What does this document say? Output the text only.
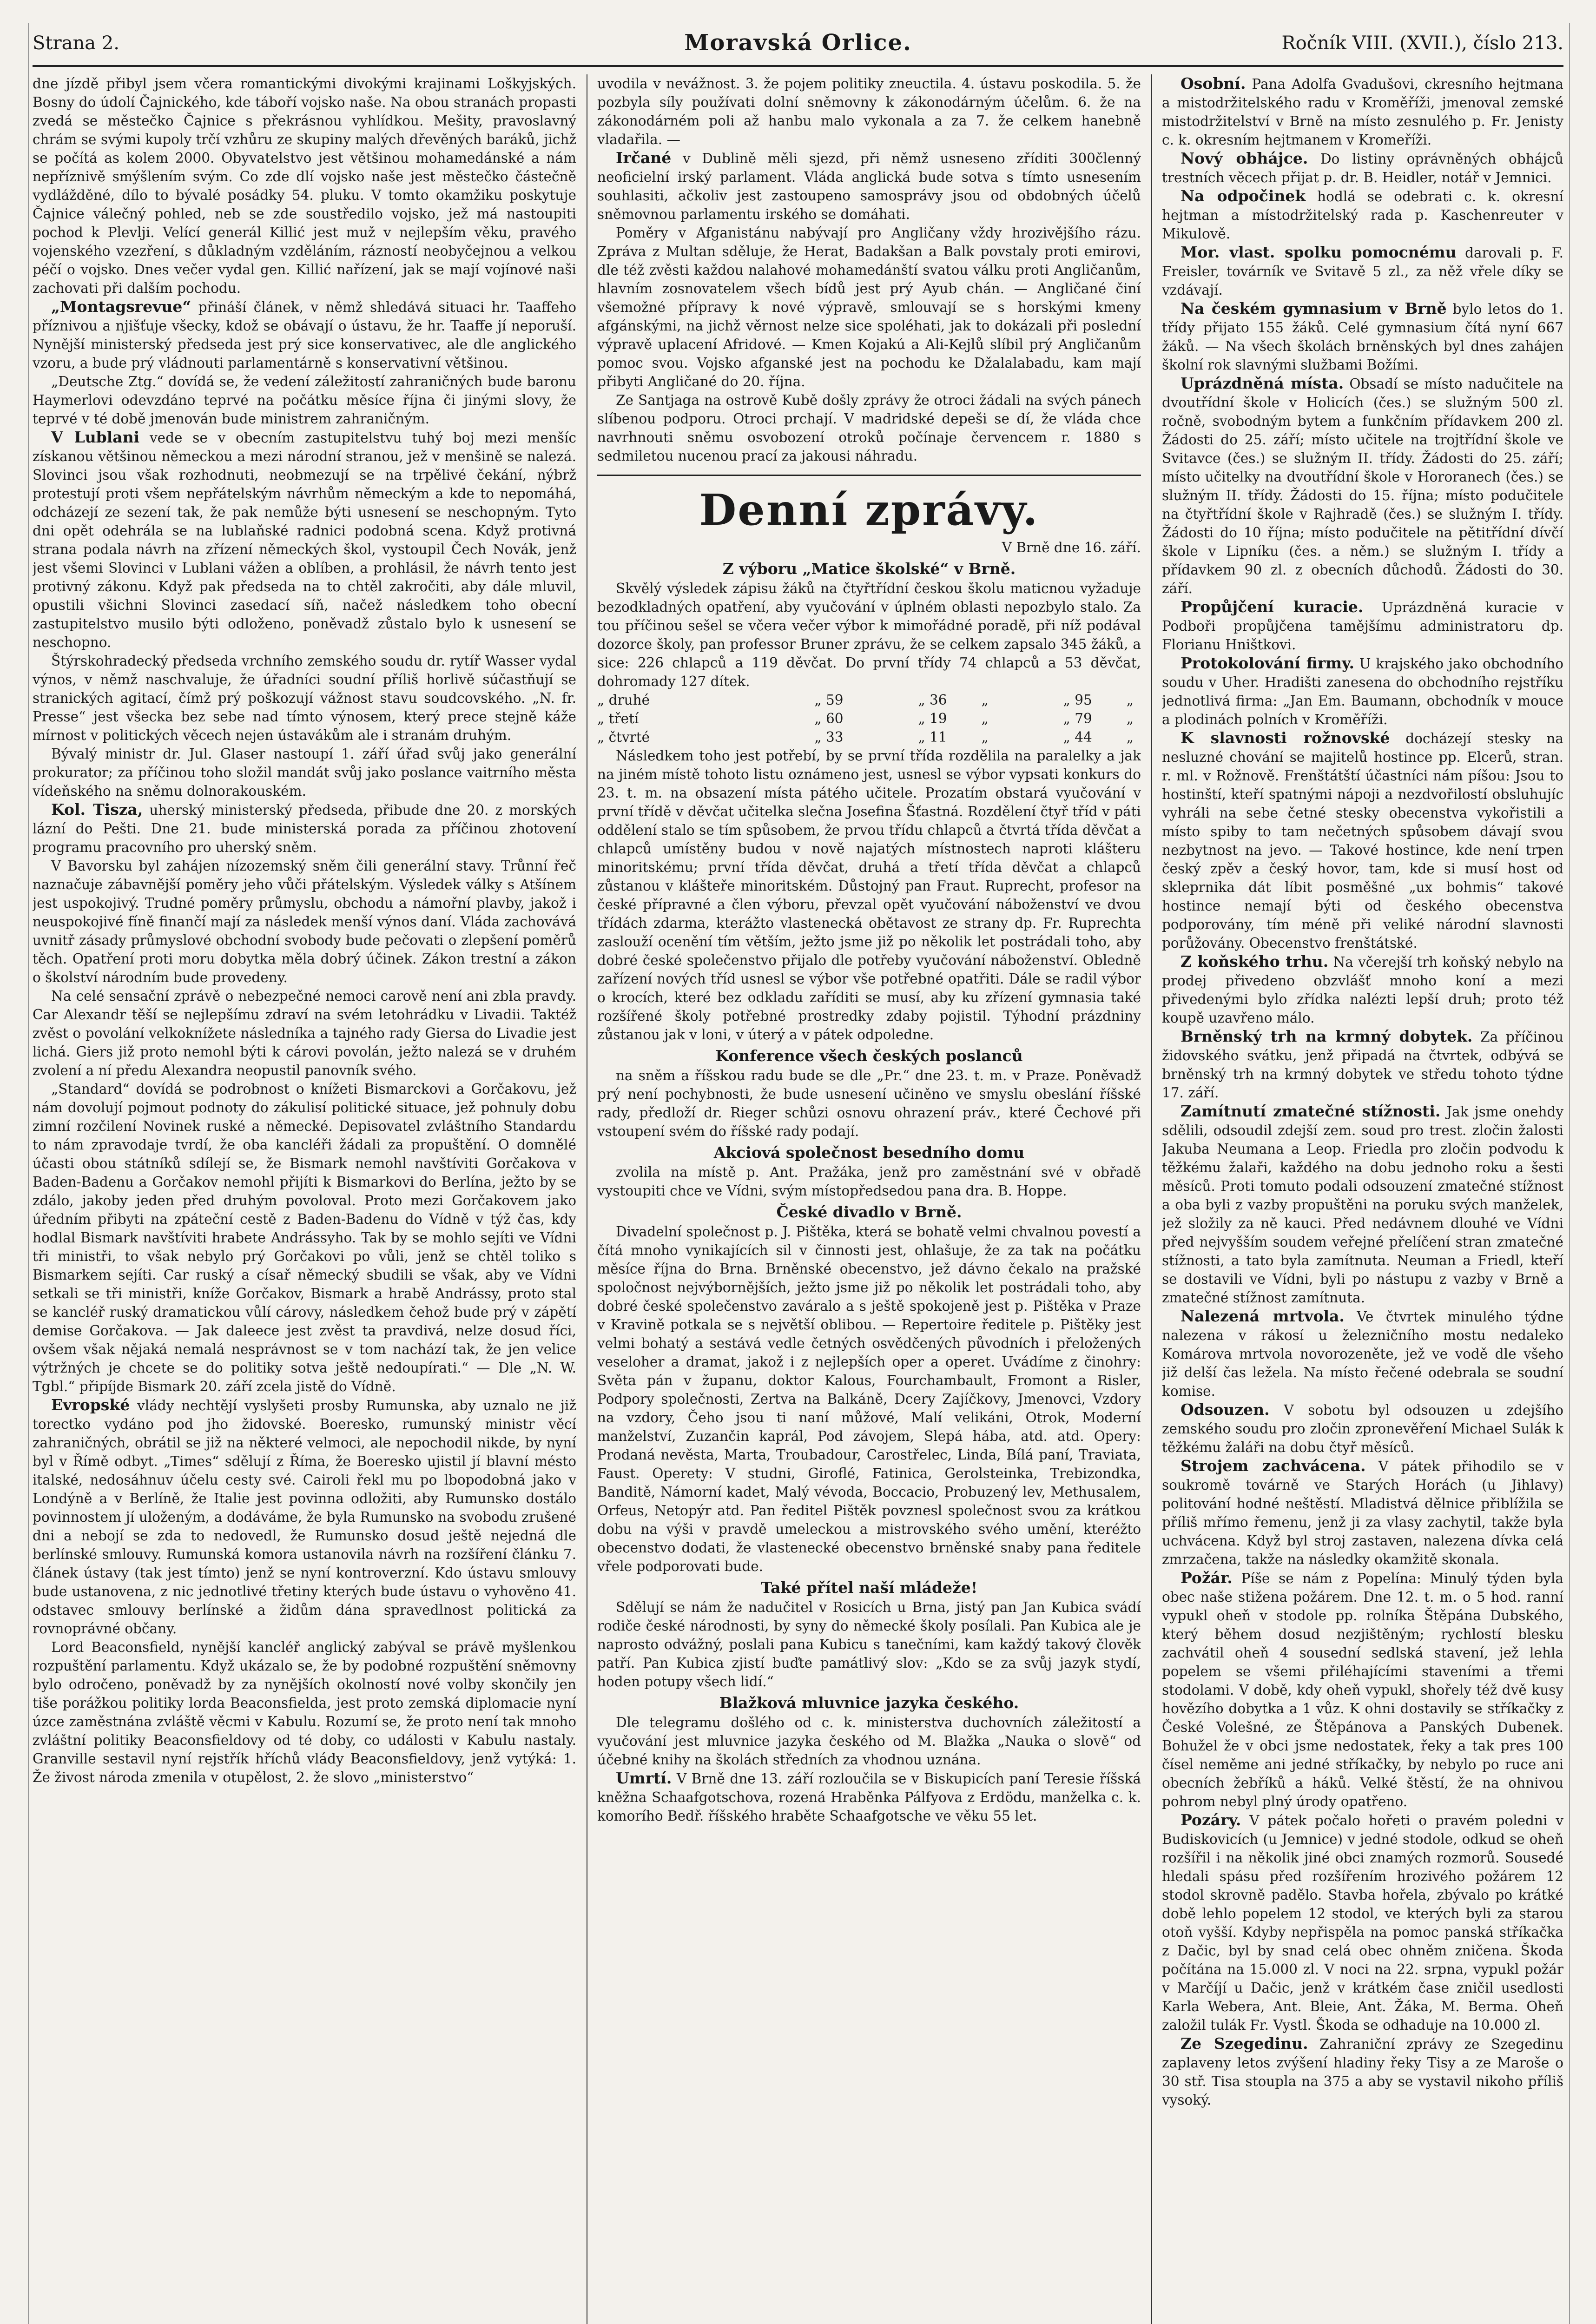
Strana 2.	Moravská Orlice.	Ročník VIII. (XVII.), číslo 213.

dne jízdě přibyl jsem včera romantickými divokými krajinami Loškyjských. Bosny do údolí Čajnického, kde táboří vojsko naše. Na obou stranách propasti zvedá se městečko Čajnice s překrásnou vyhlídkou. Mešity, pravoslavný chrám se svými kupoly trčí vzhůru ze skupiny malých dřevěných baráků, jichž se počítá as kolem 2000. Obyvatelstvo jest většinou mohamedánské a nám nepříznivě smýšlením svým. Co zde dlí vojsko naše jest městečko částečně vydlážděné, dílo to bývalé posádky 54. pluku. V tomto okamžiku poskytuje Čajnice válečný pohled, neb se zde soustředilo vojsko, jež má nastoupiti pochod k Plevlji. Velící generál Killić jest muž v nejlepším věku, pravého vojenského vzezření, s důkladným vzděláním, rázností neobyčejnou a velkou péčí o vojsko. Dnes večer vydal gen. Killić nařízení, jak se mají vojínové naši zachovati při dalším pochodu.

„Montagsrevue“ přináší článek, v němž shledává situaci hr. Taaffeho příznivou a njišťuje všecky, kdož se obávají o ústavu, že hr. Taaffe jí neporuší. Nynější ministerský předseda jest prý sice konservativec, ale dle anglického vzoru, a bude prý vládnouti parlamentárně s konservativní většinou.

„Deutsche Ztg.“ dovídá se, že vedení záležitostí zahraničných bude baronu Haymerlovi odevzdáno teprvé na počátku měsíce října či jinými slovy, že teprvé v té době jmenován bude ministrem zahraničným.

V Lublani vede se v obecním zastupitelstvu tuhý boj mezi menšíc získanou většinou německou a mezi národní stranou, jež v menšině se nalezá. Slovinci jsou však rozhodnuti, neobmezují se na trpělivé čekání, nýbrž protestují proti všem nepřátelským návrhům německým a kde to nepomáhá, odcházejí ze sezení tak, že pak nemůže býti usnesení se neschopným. Tyto dni opět odehrála se na lublaňské radnici podobná scena. Když protivná strana podala návrh na zřízení německých škol, vystoupil Čech Novák, jenž jest všemi Slovinci v Lublani vážen a oblíben, a prohlásil, že návrh tento jest protivný zákonu. Když pak předseda na to chtěl zakročiti, aby dále mluvil, opustili všichni Slovinci zasedací síň, načež následkem toho obecní zastupitelstvo musilo býti odloženo, poněvadž zůstalo bylo k usnesení se neschopno.

Štýrskohradecký předseda vrchního zemského soudu dr. rytíř Wasser vydal výnos, v němž naschvaluje, že úřadníci soudní příliš horlivě súčastňují se stranických agitací, čímž prý poškozují vážnost stavu soudcovského. „N. fr. Presse“ jest všecka bez sebe nad tímto výnosem, který prece stejně káže mírnost v politických věcech nejen ústavákům ale i stranám druhým.

Bývalý ministr dr. Jul. Glaser nastoupí 1. září úřad svůj jako generální prokurator; za příčinou toho složil mandát svůj jako poslance vaitrního města vídeňského na sněmu dolnorakouském.

Kol. Tisza, uherský ministerský předseda, přibude dne 20. z morských lázní do Pešti. Dne 21. bude ministerská porada za příčinou zhotovení programu pracovního pro uherský sněm.

V Bavorsku byl zahájen nízozemský sněm čili generální stavy. Trůnní řeč naznačuje zábavnější poměry jeho vůči přátelským. Výsledek války s Atšínem jest uspokojivý. Trudné poměry průmyslu, obchodu a námořní plavby, jakož i neuspokojivé fíně finančí mají za následek menší výnos daní. Vláda zachovává uvnitř zásady průmyslové obchodní svobody bude pečovati o zlepšení poměrů těch. Opatření proti moru dobytka měla dobrý účinek. Zákon trestní a zákon o školství národním bude provedeny.

Na celé sensační zprávě o nebezpečné nemoci carově není ani zbla pravdy. Car Alexandr těší se nejlepšímu zdraví na svém letohrádku v Livadii. Taktéž zvěst o povolání velkoknížete následníka a tajného rady Giersa do Livadie jest lichá. Giers již proto nemohl býti k cárovi povolán, ježto nalezá se v druhém zvolení a ní předu Alexandra neopustil panovník svého.

„Standard“ dovídá se podrobnost o knížeti Bismarckovi a Gorčakovu, jež nám dovolují pojmout podnoty do zákulisí politické situace, jež pohnuly dobu zimní rozčilení Novinek ruské a německé. Depisovatel zvláštního Standardu to nám zpravodaje tvrdí, že oba kancléři žádali za propuštění. O domnělé účasti obou státníků sdílejí se, že Bismark nemohl navštíviti Gorčakova v Baden-Badenu a Gorčakov nemohl přijíti k Bismarkovi do Berlína, ježto by se zdálo, jakoby jeden před druhým povoloval. Proto mezi Gorčakovem jako úředním přibyti na zpáteční cestě z Baden-Badenu do Vídně v týž čas, kdy hodlal Bismark navštíviti hrabete Andrássyho. Tak by se mohlo sejíti ve Vídni tři ministři, to však nebylo prý Gorčakovi po vůli, jenž se chtěl toliko s Bismarkem sejíti. Car ruský a císař německý sbudili se však, aby ve Vídni setkali se tři ministři, kníže Gorčakov, Bismark a hrabě Andrássy, proto stal se kancléř ruský dramatickou vůlí cárovy, následkem čehož bude prý v zápětí demise Gorčakova. — Jak daleece jest zvěst ta pravdivá, nelze dosud říci, ovšem však nějaká nemalá nesprávnost se v tom nachází tak, že jen velice výtržných je chcete se do politiky sotva ještě nedoupírati.“ — Dle „N. W. Tgbl.“ připíjde Bismark 20. září zcela jistě do Vídně.

Evropské vlády nechtějí vyslyšeti prosby Rumunska, aby uznalo ne již torectko vydáno pod jho židovské. Boeresko, rumunský ministr věcí zahraničných, obrátil se již na některé velmoci, ale nepochodil nikde, by nyní byl v Římě odbyt. „Times“ sdělují z Říma, že Boeresko ujistil jí blavní mésto italské, nedosáhnuv účelu cesty své. Cairoli řekl mu po lbopodobná jako v Londýně a v Berlíně, že Italie jest povinna odložiti, aby Rumunsko dostálo povinnostem jí uloženým, a dodáváme, že byla Rumunsko na svobodu zrušené dni a nebojí se zda to nedovedl, že Rumunsko dosud ještě nejedná dle berlínské smlouvy. Rumunská komora ustanovila návrh na rozšíření článku 7. článek ústavy (tak jest tímto) jenž se nyní kontroverzní. Kdo ústavu smlouvy bude ustanovena, z nic jednotlivé třetiny kterých bude ústavu o vyhověno 41. odstavec smlouvy berlínské a židům dána spravedlnost politická za rovnoprávné občany.

Lord Beaconsfield, nynější kancléř anglický zabýval se právě myšlenkou rozpuštění parlamentu. Když ukázalo se, že by podobné rozpuštění sněmovny bylo odročeno, poněvadž by za nynějších okolností nové volby skončily jen tiše porážkou politiky lorda Beaconsfielda, jest proto zemská diplomacie nyní úzce zaměstnána zvláště věcmi v Kabulu. Rozumí se, že proto není tak mnoho zvláštní politiky Beaconsfieldovy od té doby, co události v Kabulu nastaly. Granville sestavil nyní rejstřík hříchů vlády Beaconsfieldovy, jenž vytýká: 1. Že živost národa zmenila v otupělost, 2. že slovo „ministerstvo“

uvodila v nevážnost. 3. že pojem politiky zneuctila. 4. ústavu poskodila. 5. že pozbyla síly používati dolní sněmovny k zákonodárným účelům. 6. že na zákonodárném poli až hanbu malo vykonala a za 7. že celkem hanebně vladařila. —

Irčané v Dublině měli sjezd, při němž usneseno zříditi 300členný neoficielní irský parlament. Vláda anglická bude sotva s tímto usnesením souhlasiti, ačkoliv jest zastoupeno samosprávy jsou od obdobných účelů sněmovnou parlamentu irského se domáhati.

Poměry v Afganistánu nabývají pro Angličany vždy hrozivějšího rázu. Zpráva z Multan sděluje, že Herat, Badakšan a Balk povstaly proti emirovi, dle též zvěsti každou nalahové mohamedánští svatou válku proti Angličanům, hlavním zosnovatelem všech bídů jest prý Ayub chán. — Angličané činí všemožné přípravy k nové výpravě, smlouvají se s horskými kmeny afgánskými, na jichž věrnost nelze sice spoléhati, jak to dokázali při poslední výpravě uplacení Afridové. — Kmen Kojakú a Ali-Kejlů slíbil prý Angličanům pomoc svou. Vojsko afganské jest na pochodu ke Džalalabadu, kam mají přibyti Angličané do 20. října.

Ze Santjaga na ostrově Kubě došly zprávy že otroci žádali na svých pánech slíbenou podporu. Otroci prchají. V madridské depeši se dí, že vláda chce navrhnouti sněmu osvobození otroků počínaje červencem r. 1880 s sedmiletou nucenou prací za jakousi náhradu.

Denní zprávy.
V Brně dne 16. září.
Z výboru „Matice školské“ v Brně.

Skvělý výsledek zápisu žáků na čtyřtřídní českou školu maticnou vyžaduje bezodkladných opatření, aby vyučování v úplném oblasti nepozbylo stalo. Za tou příčinou sešel se včera večer výbor k mimořádné poradě, při níž podával dozorce školy, pan professor Bruner zprávu, že se celkem zapsalo 345 žáků, a sice: 226 chlapců a 119 děvčat. Do první třídy 74 chlapců a 53 děvčat, dohromady 127 dítek.

„ druhé	„ 59	„ 36	„	„ 95	„
„ třetí	„ 60	„ 19	„	„ 79	„
„ čtvrté	„ 33	„ 11	„	„ 44	„

Následkem toho jest potřebí, by se první třída rozdělila na paralelky a jak na jiném místě tohoto listu oznámeno jest, usnesl se výbor vypsati konkurs do 23. t. m. na obsazení místa pátého učitele. Prozatím obstará vyučování v první třídě v děvčat učitelka slečna Josefina Šťastná. Rozdělení čtyř tříd v páti oddělení stalo se tím spůsobem, že prvou třídu chlapců a čtvrtá třída děvčat a chlapců umístěny budou v nově najatých místnostech naproti klášteru minoritskému; první třída děvčat, druhá a třetí třída děvčat a chlapců zůstanou v klášteře minoritském. Důstojný pan Fraut. Ruprecht, profesor na české přípravné a člen výboru, převzal opět vyučování náboženství ve dvou třídách zdarma, kterážto vlastenecká obětavost ze strany dp. Fr. Ruprechta zaslouží ocenění tím větším, ježto jsme již po několik let postrádali toho, aby dobré české společenstvo přijalo dle potřeby vyučování náboženství. Obledně zařízení nových tříd usnesl se výbor vše potřebné opatřiti. Dále se radil výbor o krocích, které bez odkladu zaříditi se musí, aby ku zřízení gymnasia také rozšířené školy potřebné prostredky zdaby pojistil. Týhodní prázdniny zůstanou jak v loni, v úterý a v pátek odpoledne.

Konference všech českých poslanců

na sněm a říšskou radu bude se dle „Pr.“ dne 23. t. m. v Praze. Poněvadž prý není pochybnosti, že bude usnesení učiněno ve smyslu obeslání říšské rady, předloží dr. Rieger schůzi osnovu ohrazení práv., které Čechové při vstoupení svém do říšské rady podají.

Akciová společnost besedního domu

zvolila na místě p. Ant. Pražáka, jenž pro zaměstnání své v obřadě vystoupiti chce ve Vídni, svým místopředsedou pana dra. B. Hoppe.

České divadlo v Brně.

Divadelní společnost p. J. Pištěka, která se bohatě velmi chvalnou povestí a čítá mnoho vynikajících sil v činnosti jest, ohlašuje, že za tak na počátku měsíce října do Brna. Brněnské obecenstvo, jež dávno čekalo na pražské spoločnost nejvýbornějších, ježto jsme již po několik let postrádali toho, aby dobré české společenstvo zaváralo a s ještě spokojeně jest p. Pištěka v Praze v Kravině potkala se s největší oblibou. — Repertoire ředitele p. Pištěky jest velmi bohatý a sestává vedle četných osvědčených původních i přeložených veseloher a dramat, jakož i z nejlepších oper a operet. Uvádíme z činohry: Světa pán v županu, doktor Kalous, Fourchambault, Fromont a Risler, Podpory společnosti, Zertva na Balkáně, Dcery Zajíčkovy, Jmenovci, Vzdory na vzdory, Čeho jsou ti naní můžové, Malí velikáni, Otrok, Moderní manželství, Zuzančin kaprál, Pod závojem, Slepá hába, atd. atd. Opery: Prodaná nevěsta, Marta, Troubadour, Carostřelec, Linda, Bílá paní, Traviata, Faust. Operety: V studni, Giroflé, Fatinica, Gerolsteinka, Trebizondka, Banditě, Námorní kadet, Malý vévoda, Boccacio, Probuzený lev, Methusalem, Orfeus, Netopýr atd. Pan ředitel Pištěk povznesl společnost svou za krátkou dobu na výši v pravdě umeleckou a mistrovského svého umění, kteréžto obecenstvo dodati, že vlastenecké obecenstvo brněnské snaby pana ředitele vřele podporovati bude.

Také přítel naší mládeže!

Sdělují se nám že nadučitel v Rosicích u Brna, jistý pan Jan Kubica svádí rodiče české národnosti, by syny do německé školy posílali. Pan Kubica ale je naprosto odvážný, poslali pana Kubicu s tanečními, kam každý takový člověk patří. Pan Kubica zjistí buďte památlivý slov: „Kdo se za svůj jazyk stydí, hoden potupy všech lidí.“

Blažková mluvnice jazyka českého.

Dle telegramu došlého od c. k. ministerstva duchovních záležitostí a vyučování jest mluvnice jazyka českého od M. Blažka „Nauka o slově“ od účebné knihy na školách středních za vhodnou uznána.

Umrtí. V Brně dne 13. září rozloučila se v Biskupicích paní Teresie říšská kněžna Schaafgotschova, rozená Hraběnka Pálfyova z Erdödu, manželka c. k. komorího Bedř. říšského hraběte Schaafgotsche ve věku 55 let.

Osobní. Pana Adolfa Gvadušovi, ckresního hejtmana a mistodržitelského radu v Kroměříži, jmenoval zemské mistodržitelství v Brně na místo zesnulého p. Fr. Jenisty c. k. okresním hejtmanem v Kromeříži.

Nový obhájce. Do listiny oprávněných obhájců trestních věcech přijat p. dr. B. Heidler, notář v Jemnici.

Na odpočinek hodlá se odebrati c. k. okresní hejtman a místodržitelský rada p. Kaschenreuter v Mikulově.

Mor. vlast. spolku pomocnému darovali p. F. Freisler, továrník ve Svitavě 5 zl., za něž vřele díky se vzdávají.

Na českém gymnasium v Brně bylo letos do 1. třídy přijato 155 žáků. Celé gymnasium čítá nyní 667 žáků. — Na všech školách brněnských byl dnes zahájen školní rok slavnými službami Božími.

Uprázdněná místa. Obsadí se místo nadučitele na dvoutřídní škole v Holicích (čes.) se služným 500 zl. ročně, svobodným bytem a funkčním přídavkem 200 zl. Žádosti do 25. září; místo učitele na trojtřídní škole ve Svitavce (čes.) se služným II. třídy. Žádosti do 25. září; místo učitelky na dvoutřídní škole v Hororanech (čes.) se služným II. třídy. Žádosti do 15. října; místo podučitele na čtyřtřídní škole v Rajhradě (čes.) se služným I. třídy. Žádosti do 10 října; místo podučitele na pětitřídní dívčí škole v Lipníku (čes. a něm.) se služným I. třídy a přídavkem 90 zl. z obecních důchodů. Žádosti do 30. září.

Propůjčení kuracie. Uprázdněná kuracie v Podboři propůjčena tamějšímu administratoru dp. Florianu Hništkovi.

Protokolování firmy. U krajského jako obchodního soudu v Uher. Hradišti zanesena do obchodního rejstříku jednotlivá firma: „Jan Em. Baumann, obchodník v mouce a plodinách polních v Kroměříži.

K slavnosti rožnovské docházejí stesky na nesluzné chování se majitelů hostince pp. Elcerů, stran. r. ml. v Rožnově. Frenštátští účastníci nám píšou: Jsou to hostinští, kteří spatnými nápoji a nezdvořilostí obsluhujíc vyhráli na sebe četné stesky obecenstva vykořistili a místo spiby to tam nečetných spůsobem dávají svou nezbytnost na jevo. — Takové hostince, kde není trpen český zpěv a český hovor, tam, kde si musí host od skleprnika dát líbit posměšné „ux bohmis“ takové hostince nemají býti od českého obecenstva podporovány, tím méně při veliké národní slavnosti porůžovány. Obecenstvo frenštátské.

Z koňského trhu. Na včerejší trh koňský nebylo na prodej přivedeno obzvlášť mnoho koní a mezi přivedenými bylo zřídka nalézti lepší druh; proto též koupě uzavřeno málo.

Brněnský trh na krmný dobytek. Za příčinou židovského svátku, jenž připadá na čtvrtek, odbývá se brněnský trh na krmný dobytek ve středu tohoto týdne 17. září.

Zamítnutí zmatečné stížnosti. Jak jsme onehdy sdělili, odsoudil zdejší zem. soud pro trest. zločin žalosti Jakuba Neumana a Leop. Friedla pro zločin podvodu k těžkému žalaři, každého na dobu jednoho roku a šesti měsíců. Proti tomuto podali odsouzení zmatečné stížnost a oba byli z vazby propuštěni na poruku svých manželek, jež složily za ně kauci. Před nedávnem dlouhé ve Vídni před nejvyšším soudem veřejné přelíčení stran zmatečné stížnosti, a tato byla zamítnuta. Neuman a Friedl, kteří se dostavili ve Vídni, byli po nástupu z vazby v Brně a zmatečné stížnost zamítnuta.

Nalezená mrtvola. Ve čtvrtek minulého týdne nalezena v rákosí u železničního mostu nedaleko Komárova mrtvola novorozeněte, jež ve vodě dle všeho již delší čas ležela. Na místo řečené odebrala se soudní komise.

Odsouzen. V sobotu byl odsouzen u zdejšího zemského soudu pro zločin zpronevěření Michael Sulák k těžkému žaláři na dobu čtyř měsíců.

Strojem zachvácena. V pátek přihodilo se v soukromě továrně ve Starých Horách (u Jihlavy) politování hodné neštěstí. Mladistvá dělnice přiblížila se příliš mřímo řemenu, jenž ji za vlasy zachytil, takže byla uchvácena. Když byl stroj zastaven, nalezena dívka celá zmrzačena, takže na následky okamžitě skonala.

Požár. Píše se nám z Popelína: Minulý týden byla obec naše stižena požárem. Dne 12. t. m. o 5 hod. ranní vypukl oheň v stodole pp. rolníka Štěpána Dubského, který během dosud nezjištěným; rychlostí blesku zachvátil oheň 4 sousední sedlská stavení, jež lehla popelem se všemi přiléhajícími staveními a třemi stodolami. V době, kdy oheň vypukl, shořely též dvě kusy hovězího dobytka a 1 vůz. K ohni dostavily se stříkačky z České Volešné, ze Štěpánova a Panských Dubenek. Bohužel že v obci jsme nedostatek, řeky a tak pres 100 čísel neměme ani jedné stříkačky, by nebylo po ruce ani obecních žebříků a háků. Velké štěstí, že na ohnivou pohrom nebyl plný úrody opatřeno.

Pozáry. V pátek počalo hořeti o pravém poledni v Budiskovicích (u Jemnice) v jedné stodole, odkud se oheň rozšířil i na několik jiné obci znamých rozmorů. Sousedé hledali spásu před rozšířením hrozivého požárem 12 stodol skrovně padělo. Stavba hořela, zbývalo po krátké době lehlo popelem 12 stodol, ve kterých byli za starou otoň vyšší. Kdyby nepřispěla na pomoc panská stříkačka z Dačic, byl by snad celá obec ohněm zničena. Škoda počítána na 15.000 zl. V noci na 22. srpna, vypukl požár v Marčíjí u Dačic, jenž v krátkém čase zničil usedlosti Karla Webera, Ant. Bleie, Ant. Žáka, M. Berma. Oheň založil tulák Fr. Vystl. Škoda se odhaduje na 10.000 zl.

Ze Szegedinu. Zahraniční zprávy ze Szegedinu zaplaveny letos zvýšení hladiny řeky Tisy a ze Maroše o 30 stř. Tisa stoupla na 375 a aby se vystavil nikoho příliš vysoký.
